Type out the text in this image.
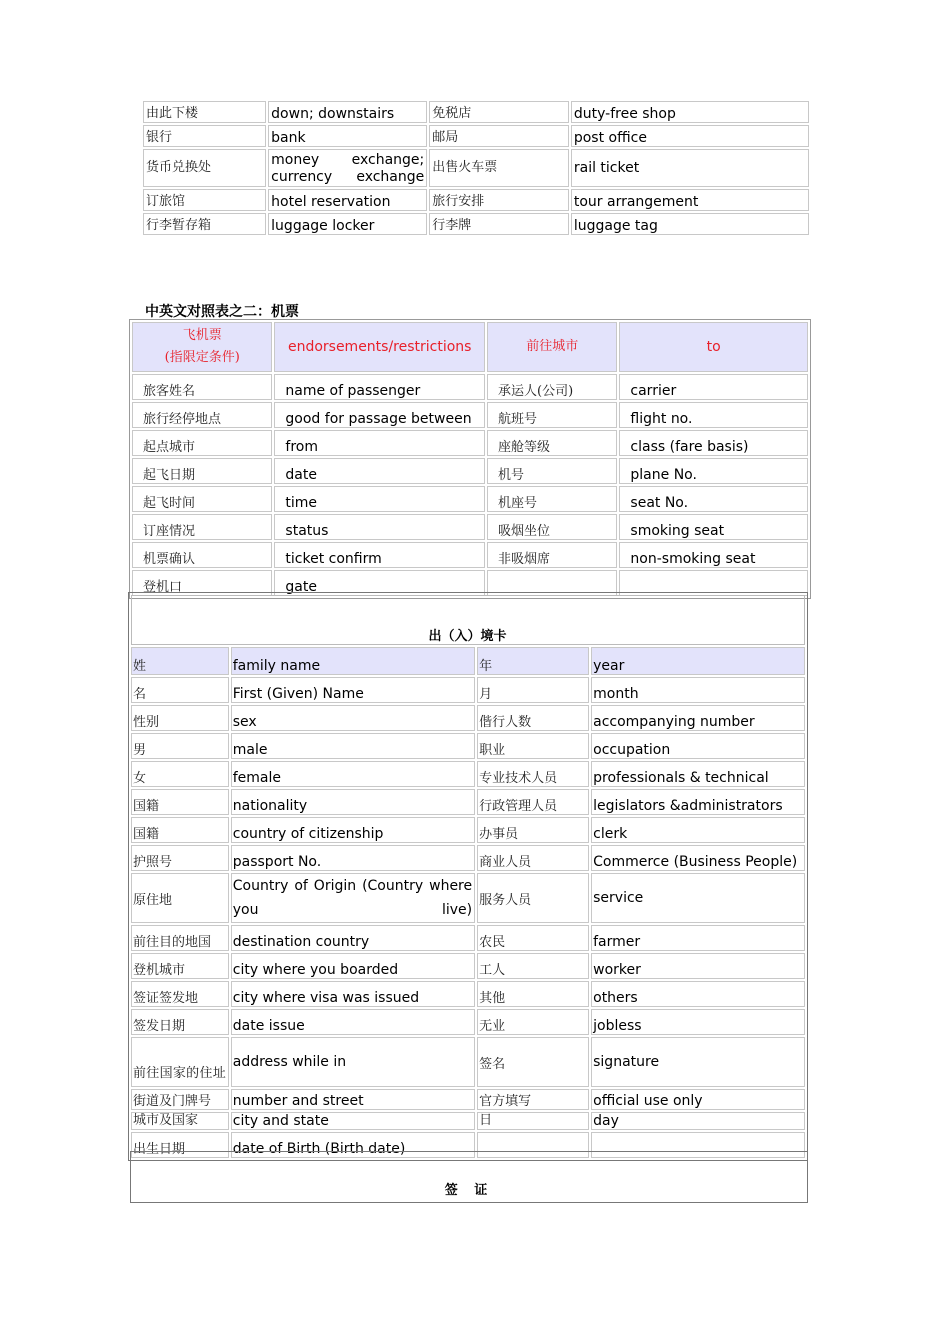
由此下楼	down; downstairs	免税店	duty-free shop
银行	bank	邮局	post office
货币兑换处	money exchange; currency exchange	出售火车票	rail ticket
订旅馆	hotel reservation	旅行安排	tour arrangement
行李暂存箱	luggage locker	行李牌	luggage tag
中英文对照表之二：机票
飞机票
(指限定条件)	endorsements/restrictions	前往城市	to
旅客姓名	name of passenger	承运人(公司)	carrier
旅行经停地点	good for passage between	航班号	flight no.
起点城市	from	座舱等级	class (fare basis)
起飞日期	date	机号	plane No.
起飞时间	time	机座号	seat No.
订座情况	status	吸烟坐位	smoking seat
机票确认	ticket confirm	非吸烟席	non-smoking seat
登机口	gate		
出（入）境卡			
姓	family name	年	year
名	First (Given) Name	月	month
性别	sex	偕行人数	accompanying number
男	male	职业	occupation
女	female	专业技术人员	professionals & technical
国籍	nationality	行政管理人员	legislators &administrators
国籍	country of citizenship	办事员	clerk
护照号	passport No.	商业人员	Commerce (Business People)
原住地	Country of Origin (Country where you live)	服务人员	service
前往目的地国	destination country	农民	farmer
登机城市	city where you boarded	工人	worker
签证签发地	city where visa was issued	其他	others
签发日期	date issue	无业	jobless
前往国家的住址	address while in	签名	signature
街道及门牌号	number and street	官方填写	official use only
城市及国家	city and state	日	day
出生日期	date of Birth (Birth date)		
签 证
